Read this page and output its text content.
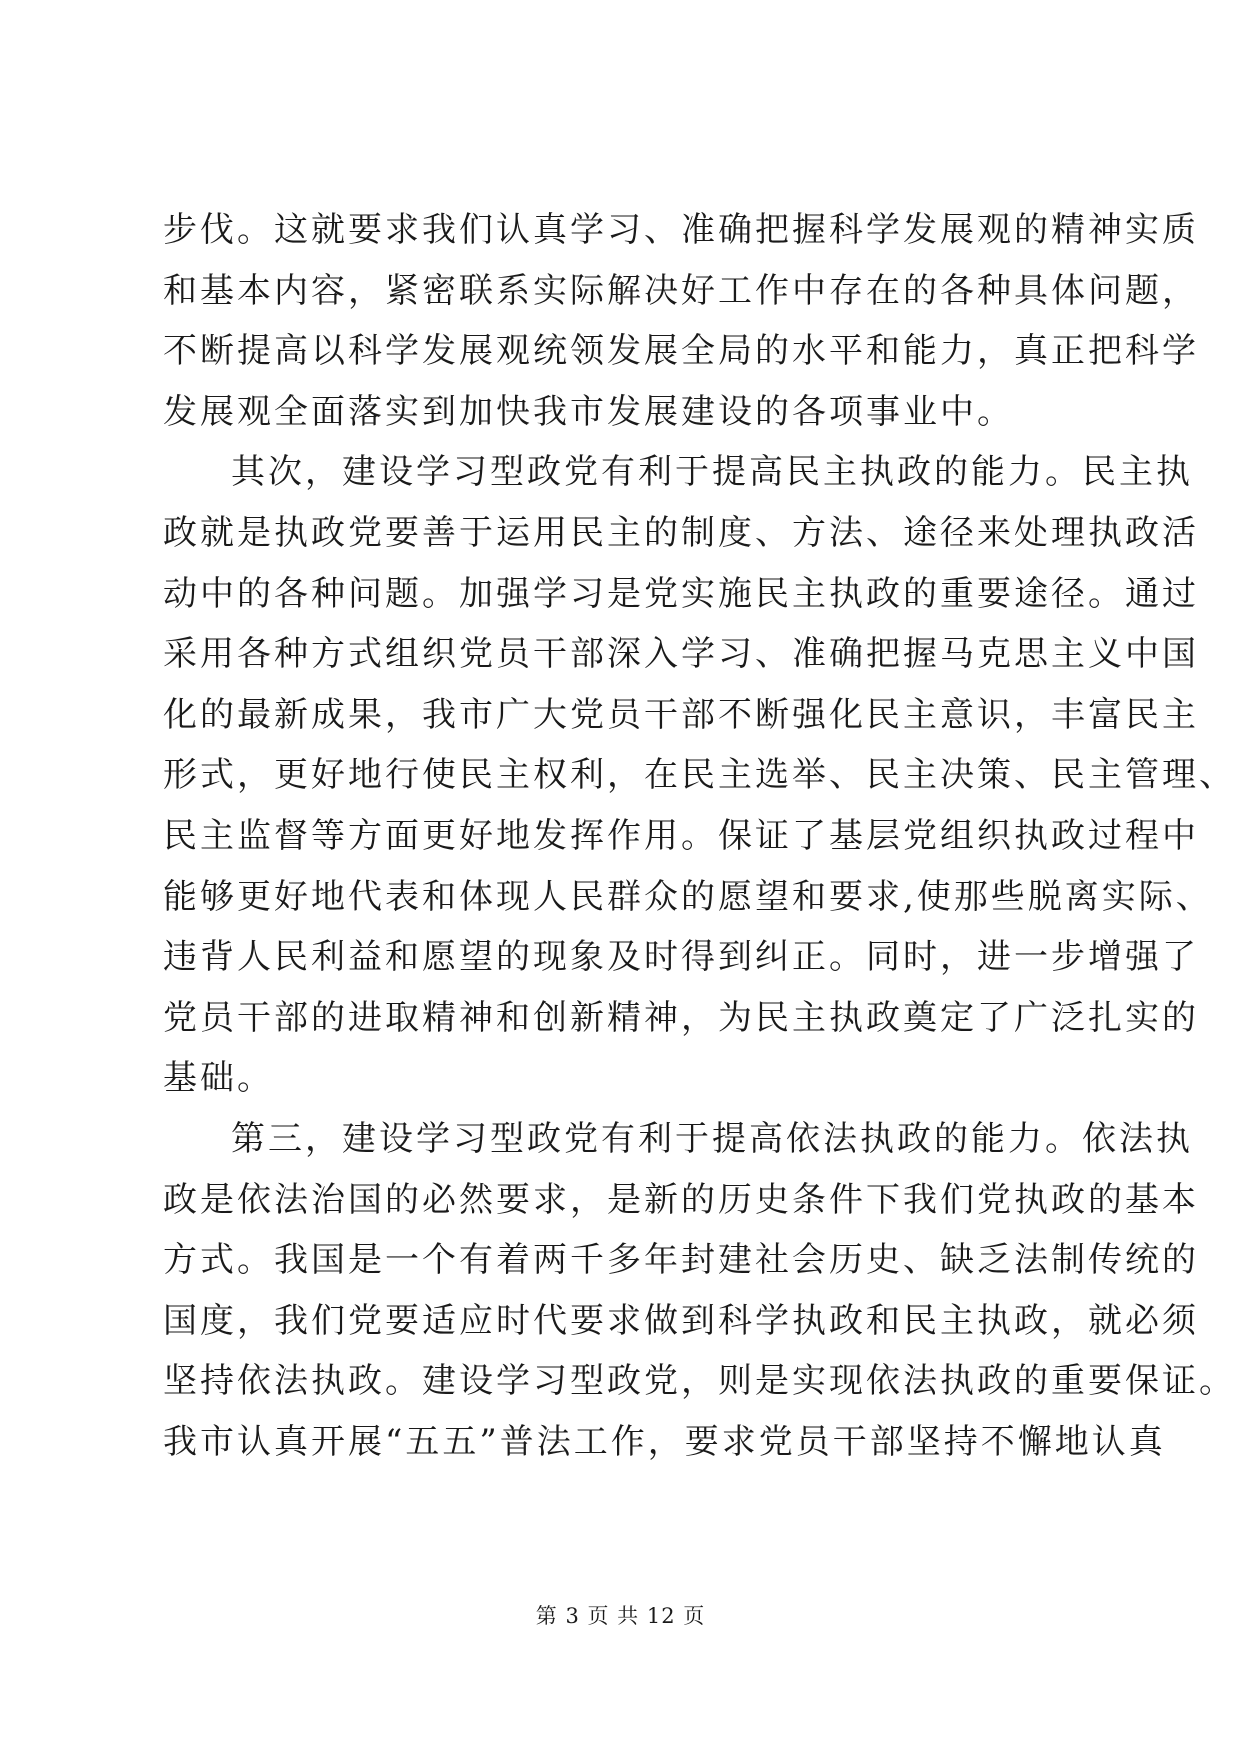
步伐。这就要求我们认真学习、准确把握科学发展观的精神实质
和基本内容，紧密联系实际解决好工作中存在的各种具体问题，
不断提高以科学发展观统领发展全局的水平和能力，真正把科学
发展观全面落实到加快我市发展建设的各项事业中。
其次，建设学习型政党有利于提高民主执政的能力。民主执
政就是执政党要善于运用民主的制度、方法、途径来处理执政活
动中的各种问题。加强学习是党实施民主执政的重要途径。通过
采用各种方式组织党员干部深入学习、准确把握马克思主义中国
化的最新成果，我市广大党员干部不断强化民主意识，丰富民主
形式，更好地行使民主权利，在民主选举、民主决策、民主管理、
民主监督等方面更好地发挥作用。保证了基层党组织执政过程中
能够更好地代表和体现人民群众的愿望和要求,使那些脱离实际、
违背人民利益和愿望的现象及时得到纠正。同时，进一步增强了
党员干部的进取精神和创新精神，为民主执政奠定了广泛扎实的
基础。
第三，建设学习型政党有利于提高依法执政的能力。依法执
政是依法治国的必然要求，是新的历史条件下我们党执政的基本
方式。我国是一个有着两千多年封建社会历史、缺乏法制传统的
国度，我们党要适应时代要求做到科学执政和民主执政，就必须
坚持依法执政。建设学习型政党，则是实现依法执政的重要保证。
我市认真开展“五五”普法工作，要求党员干部坚持不懈地认真
第 3 页 共 12 页
